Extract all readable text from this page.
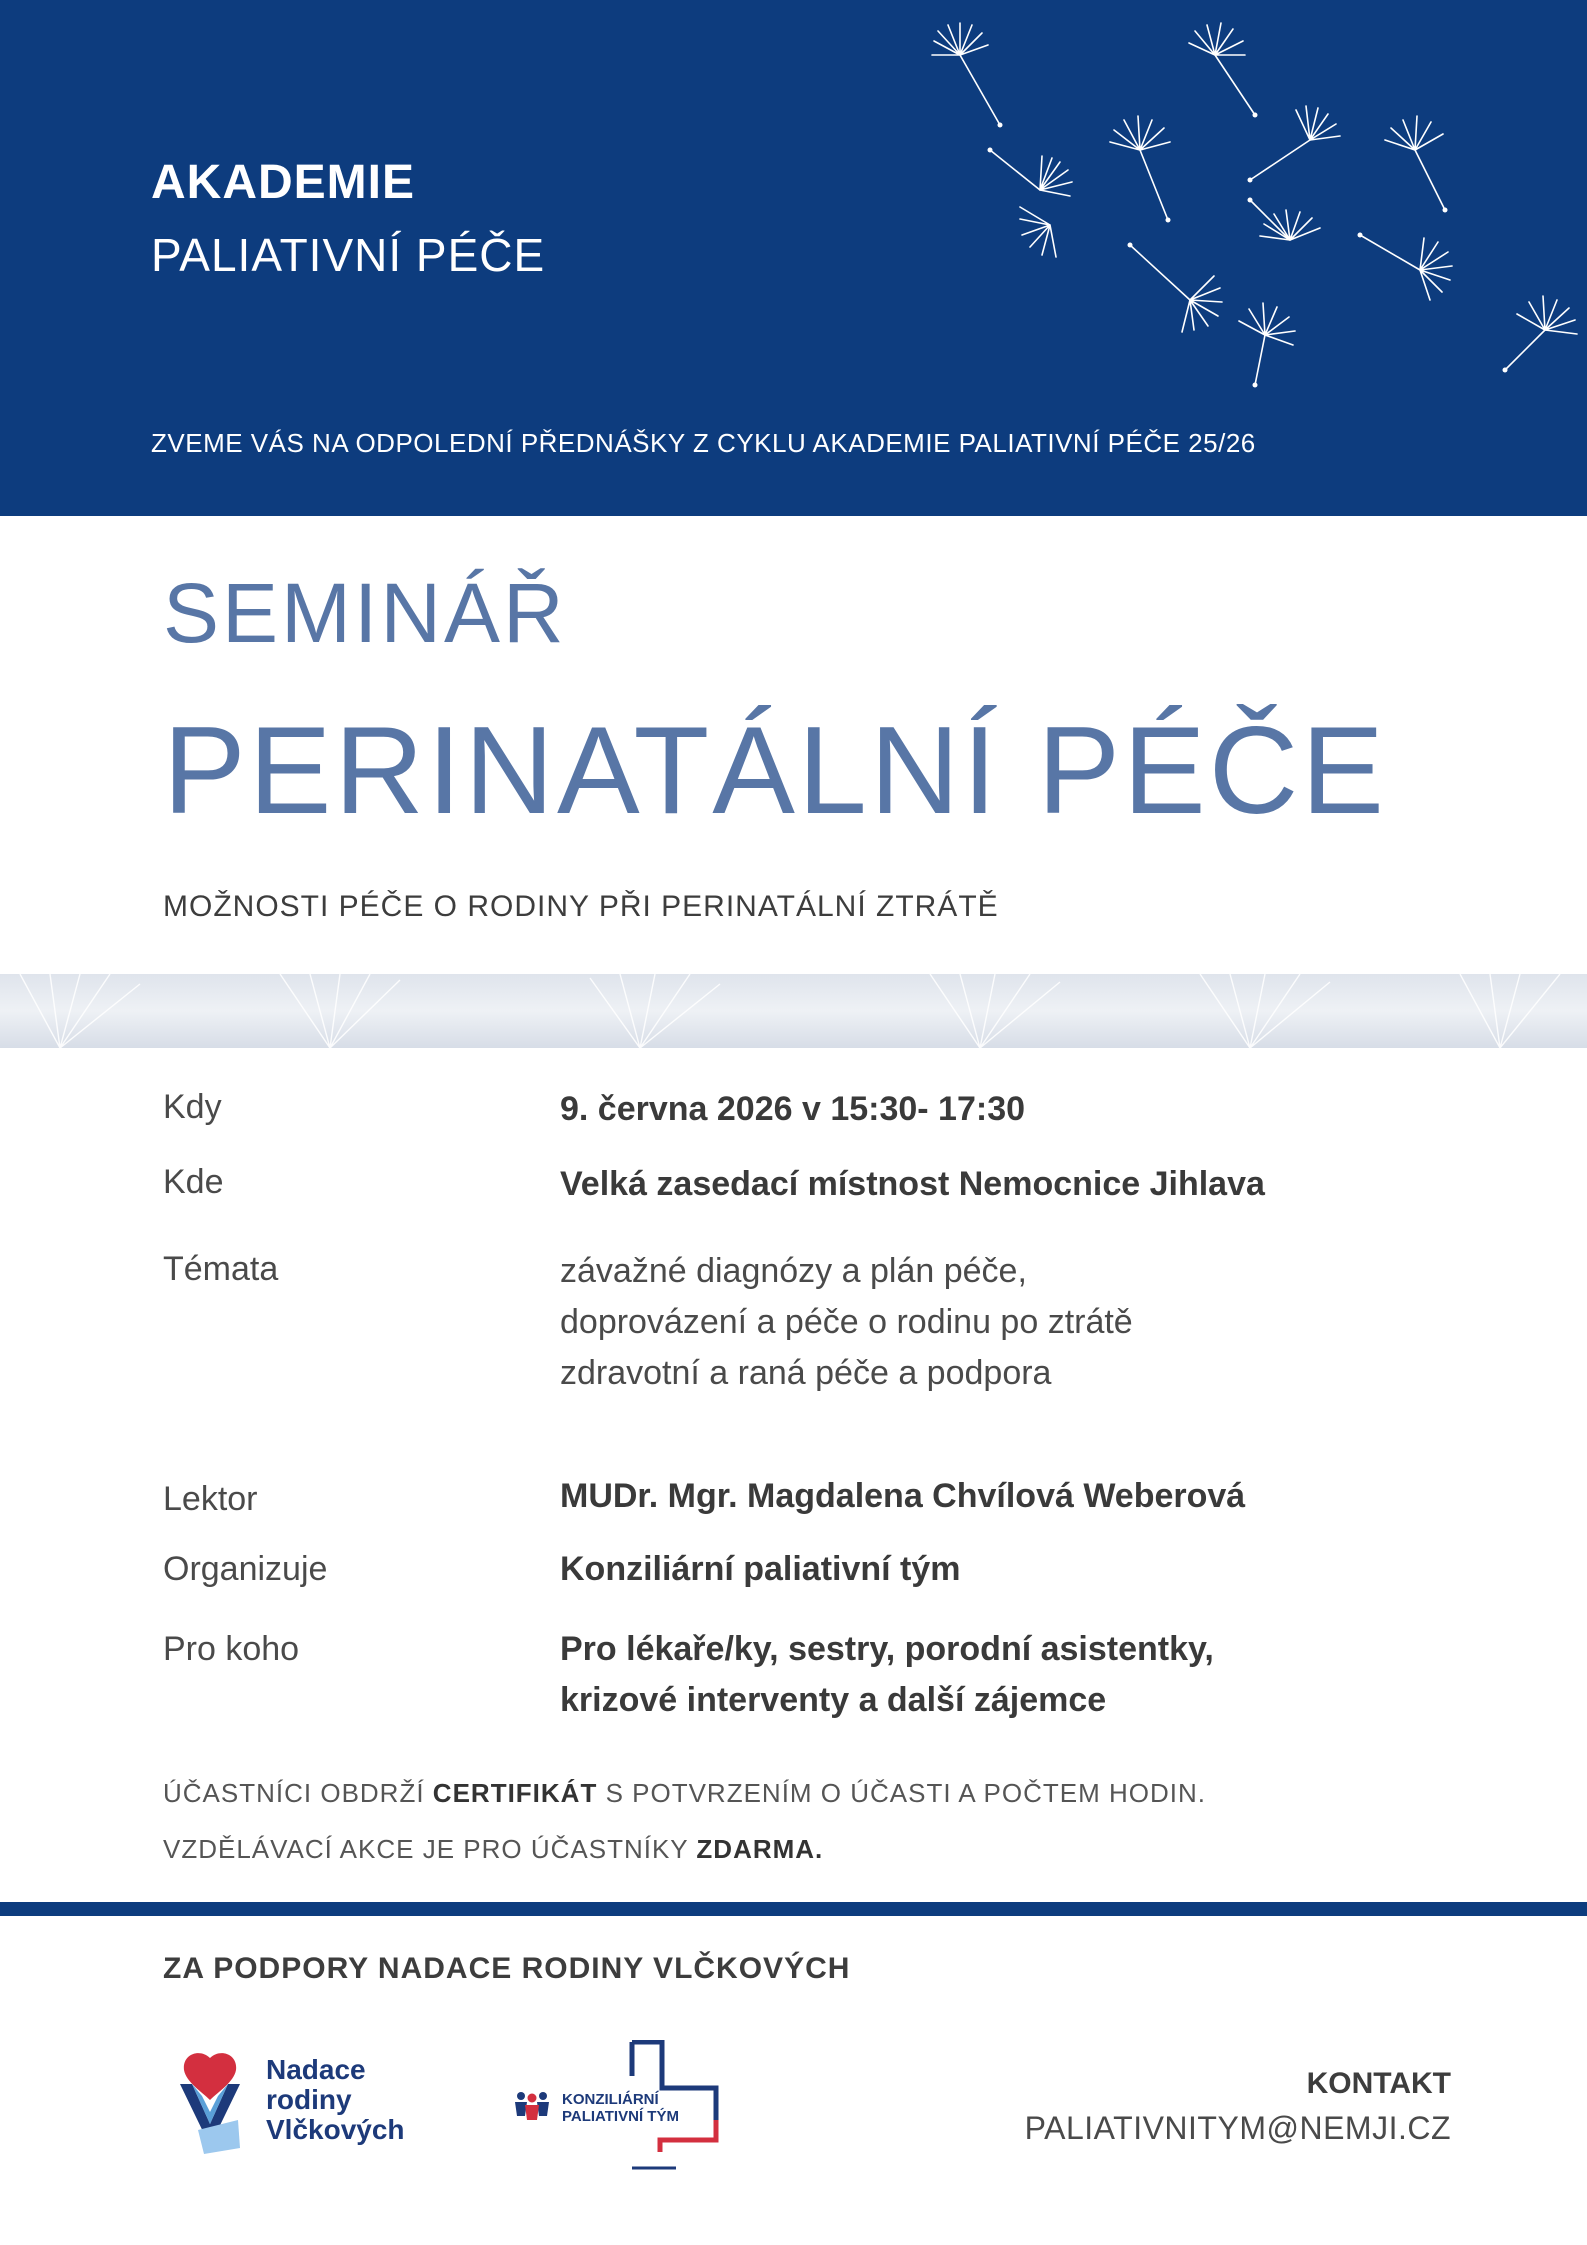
AKADEMIE
PALIATIVNÍ PÉČE
ZVEME VÁS NA ODPOLEDNÍ PŘEDNÁŠKY Z CYKLU AKADEMIE PALIATIVNÍ PÉČE 25/26
SEMINÁŘ
PERINATÁLNÍ PÉČE
MOŽNOSTI PÉČE O RODINY PŘI PERINATÁLNÍ ZTRÁTĚ
Kdy	9. června 2026 v 15:30- 17:30
Kde	Velká zasedací místnost Nemocnice Jihlava
Témata	závažné diagnózy a plán péče,
doprovázení a péče o rodinu po ztrátě
zdravotní a raná péče a podpora
Lektor	MUDr. Mgr. Magdalena Chvílová Weberová
Organizuje	Konziliární paliativní tým
Pro koho	Pro lékaře/ky, sestry, porodní asistentky,
krizové interventy a další zájemce
ÚČASTNÍCI OBDRŽÍ CERTIFIKÁT S POTVRZENÍM O ÚČASTI A POČTEM HODIN.
VZDĚLÁVACÍ AKCE JE PRO ÚČASTNÍKY ZDARMA.
ZA PODPORY NADACE RODINY VLČKOVÝCH
Nadace
rodiny
Vlčkových
KONZILIÁRNÍ
PALIATIVNÍ TÝM
KONTAKT
PALIATIVNITYM@NEMJI.CZ
